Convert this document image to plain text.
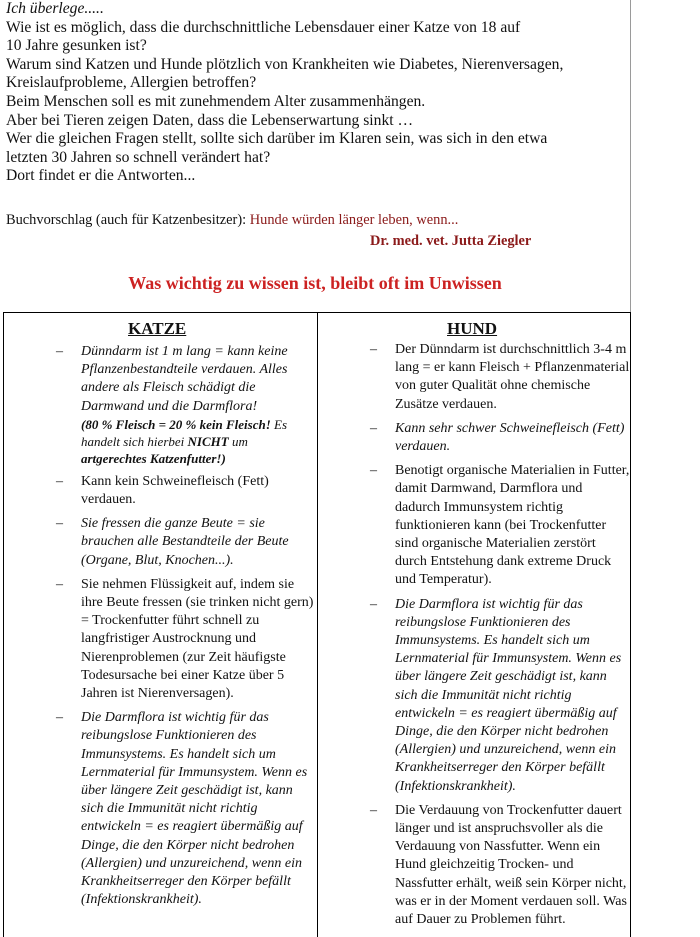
Ich überlege.....

Wie ist es möglich, dass die durchschnittliche Lebensdauer einer Katze von 18 auf

10 Jahre gesunken ist?

Warum sind Katzen und Hunde plötzlich von Krankheiten wie Diabetes, Nierenversagen,

Kreislaufprobleme, Allergien betroffen?

Beim Menschen soll es mit zunehmendem Alter zusammenhängen.

Aber bei Tieren zeigen Daten, dass die Lebenserwartung sinkt …

Wer die gleichen Fragen stellt, sollte sich darüber im Klaren sein, was sich in den etwa

letzten 30 Jahren so schnell verändert hat?

Dort findet er die Antworten...

Buchvorschlag (auch für Katzenbesitzer): Hunde würden länger leben, wenn...
Dr. med. vet. Jutta Ziegler
Was wichtig zu wissen ist, bleibt oft im Unwissen
KATZE
– Dünndarm ist 1 m lang = kann keine Pflanzenbestandteile verdauen. Alles andere als Fleisch schädigt die Darmwand und die Darmflora!
(80 % Fleisch = 20 % kein Fleisch! Es handelt sich hierbei NICHT um artgerechtes Katzenfutter!)
– Kann kein Schweinefleisch (Fett) verdauen.
– Sie fressen die ganze Beute = sie brauchen alle Bestandteile der Beute (Organe, Blut, Knochen...).
– Sie nehmen Flüssigkeit auf, indem sie ihre Beute fressen (sie trinken nicht gern) = Trockenfutter führt schnell zu langfristiger Austrocknung und Nierenproblemen (zur Zeit häufigste Todesursache bei einer Katze über 5 Jahren ist Nierenversagen).
– Die Darmflora ist wichtig für das reibungslose Funktionieren des Immunsystems. Es handelt sich um Lernmaterial für Immunsystem. Wenn es über längere Zeit geschädigt ist, kann sich die Immunität nicht richtig entwickeln = es reagiert übermäßig auf Dinge, die den Körper nicht bedrohen (Allergien) und unzureichend, wenn ein Krankheitserreger den Körper befällt (Infektionskrankheit).
HUND
– Der Dünndarm ist durchschnittlich 3-4 m lang = er kann Fleisch + Pflanzenmaterial von guter Qualität ohne chemische Zusätze verdauen.
– Kann sehr schwer Schweinefleisch (Fett) verdauen.
– Benotigt organische Materialien in Futter, damit Darmwand, Darmflora und dadurch Immunsystem richtig funktionieren kann (bei Trockenfutter sind organische Materialien zerstört durch Entstehung dank extreme Druck und Temperatur).
– Die Darmflora ist wichtig für das reibungslose Funktionieren des Immunsystems. Es handelt sich um Lernmaterial für Immunsystem. Wenn es über längere Zeit geschädigt ist, kann sich die Immunität nicht richtig entwickeln = es reagiert übermäßig auf Dinge, die den Körper nicht bedrohen (Allergien) und unzureichend, wenn ein Krankheitserreger den Körper befällt (Infektionskrankheit).
– Die Verdauung von Trockenfutter dauert länger und ist anspruchsvoller als die Verdauung von Nassfutter. Wenn ein Hund gleichzeitig Trocken- und Nassfutter erhält, weiß sein Körper nicht, was er in der Moment verdauen soll. Was auf Dauer zu Problemen führt.
